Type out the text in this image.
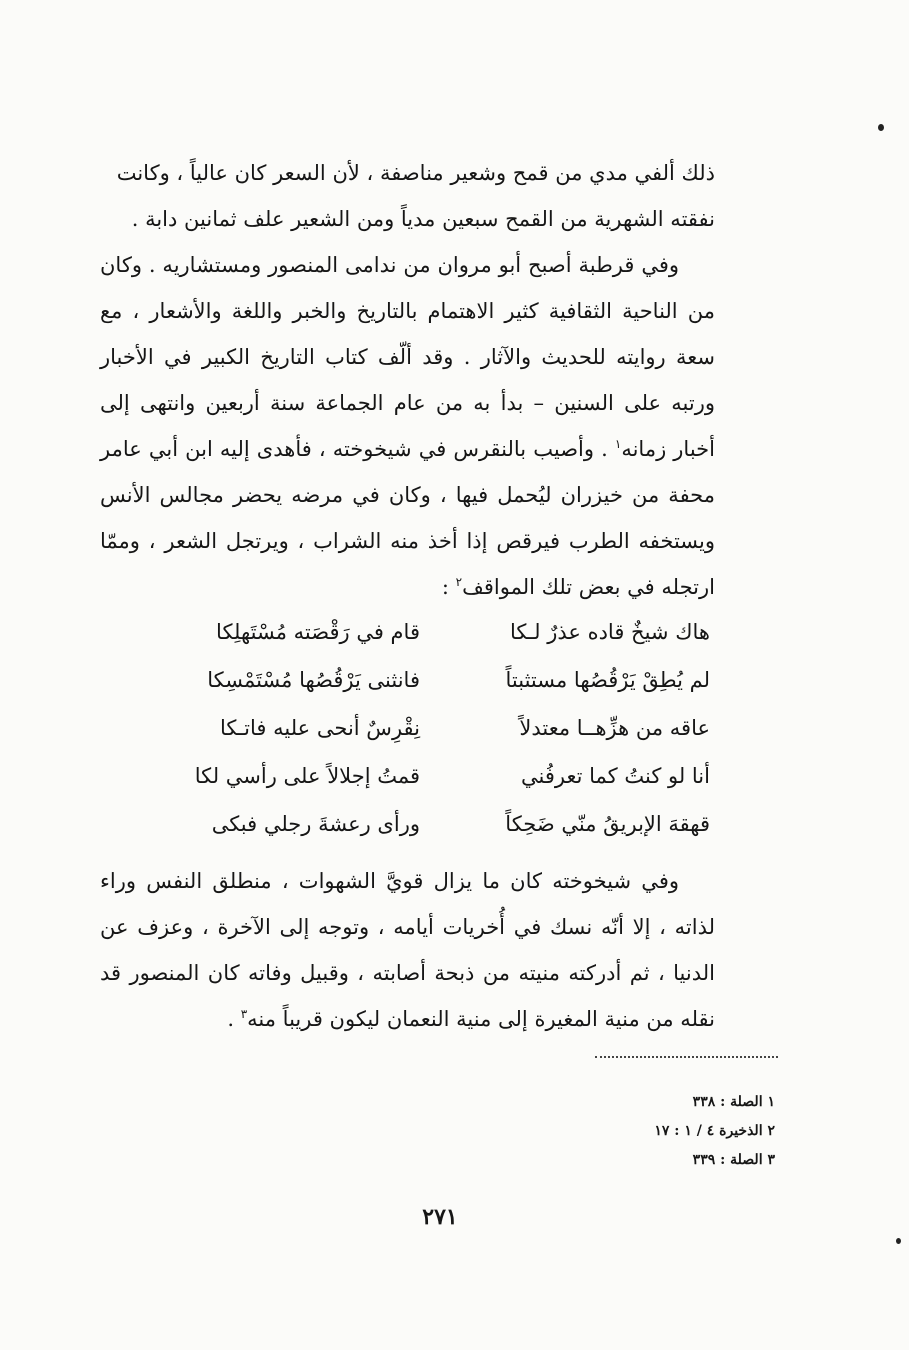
ذلك ألفي مدي من قمح وشعير مناصفة ، لأن السعر كان عالياً ، وكانت
نفقته الشهرية من القمح سبعين مدياً ومن الشعير علف ثمانين دابة .

وفي قرطبة أصبح أبو مروان من ندامى المنصور ومستشاريه . وكان من الناحية الثقافية كثير الاهتمام بالتاريخ والخبر واللغة والأشعار ، مع سعة روايته للحديث والآثار . وقد ألّف كتاب التاريخ الكبير في الأخبار ورتبه على السنين – بدأ به من عام الجماعة سنة أربعين وانتهى إلى أخبار زمانه$^١$ . وأصيب بالنقرس في شيخوخته ، فأهدى إليه ابن أبي عامر محفة من خيزران ليُحمل فيها ، وكان في مرضه يحضر مجالس الأنس ويستخفه الطرب فيرقص إذا أخذ منه الشراب ، ويرتجل الشعر ، وممّا ارتجله في بعض تلك المواقف$^٢$ :

هاك شيخٌ قاده عذرٌ لـكا
قام في رَقْصَته مُسْتَهلِكا
لم يُطِقْ يَرْقُصُها مستثبتاً
فانثنى يَرْقُصُها مُسْتَمْسِكا
عاقه من هزِّهــا معتدلاً
نِقْرِسٌ أنحى عليه فاتـكا
أنا لو كنتُ كما تعرفُني
قمتُ إجلالاً على رأسي لكا
قهقهَ الإبريقُ منّي ضَحِكاً
ورأى رعشةَ رجلي فبكى

وفي شيخوخته كان ما يزال قويَّ الشهوات ، منطلق النفس وراء لذاته ، إلا أنّه نسك في أُخريات أيامه ، وتوجه إلى الآخرة ، وعزف عن الدنيا ، ثم أدركته منيته من ذبحة أصابته ، وقبيل وفاته كان المنصور قد نقله من منية المغيرة إلى منية النعمان ليكون قريباً منه$^٣$ .

١ الصلة : ٣٣٨
٢ الذخيرة ٤ / ١ : ١٧
٣ الصلة : ٣٣٩
٢٧١
